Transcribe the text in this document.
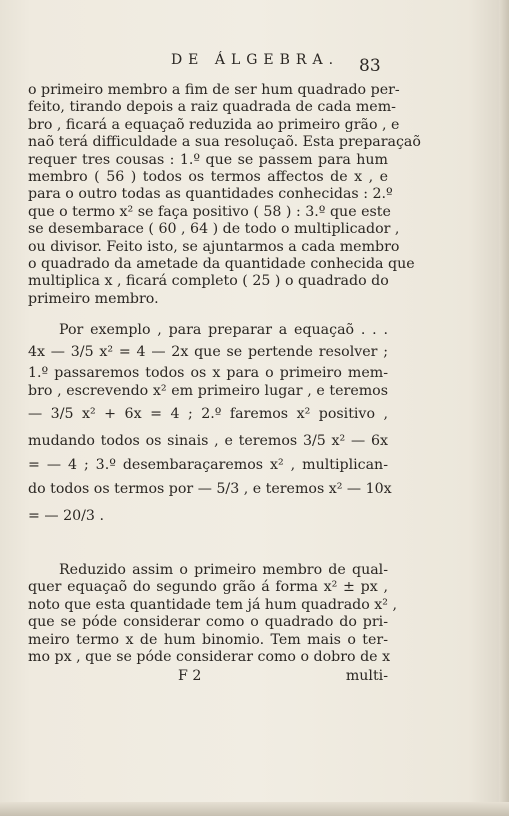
DE ÁLGEBRA.	83
o primeiro membro a fim de ser hum quadrado per-
feito, tirando depois a raiz quadrada de cada mem-
bro , ficará a equaçaõ reduzida ao primeiro grão , e
naõ terá difficuldade a sua resoluçaõ. Esta preparaçaõ
requer tres cousas : 1.º que se passem para hum
membro ( 56 ) todos os termos affectos de x , e
para o outro todas as quantidades conhecidas : 2.º
que o termo x² se faça positivo ( 58 ) : 3.º que este
se desembarace ( 60 , 64 ) de todo o multiplicador ,
ou divisor. Feito isto, se ajuntarmos a cada membro
o quadrado da ametade da quantidade conhecida que
multiplica x , ficará completo ( 25 ) o quadrado do
primeiro membro.
Por exemplo , para preparar a equaçaõ . . .
4x — 3/5 x² = 4 — 2x que se pertende resolver ;
1.º passaremos todos os x para o primeiro mem-
bro , escrevendo x² em primeiro lugar , e teremos
— 3/5 x² + 6x = 4 ; 2.º faremos x² positivo ,
mudando todos os sinais , e teremos 3/5 x² — 6x
= — 4 ; 3.º desembaraçaremos x² , multiplican-
do todos os termos por — 5/3 , e teremos x² — 10x
= — 20/3 .
Reduzido assim o primeiro membro de qual-
quer equaçaõ do segundo grão á forma x² ± px ,
noto que esta quantidade tem já hum quadrado x² ,
que se póde considerar como o quadrado do pri-
meiro termo x de hum binomio. Tem mais o ter-
mo px , que se póde considerar como o dobro de x
F 2	multi-
